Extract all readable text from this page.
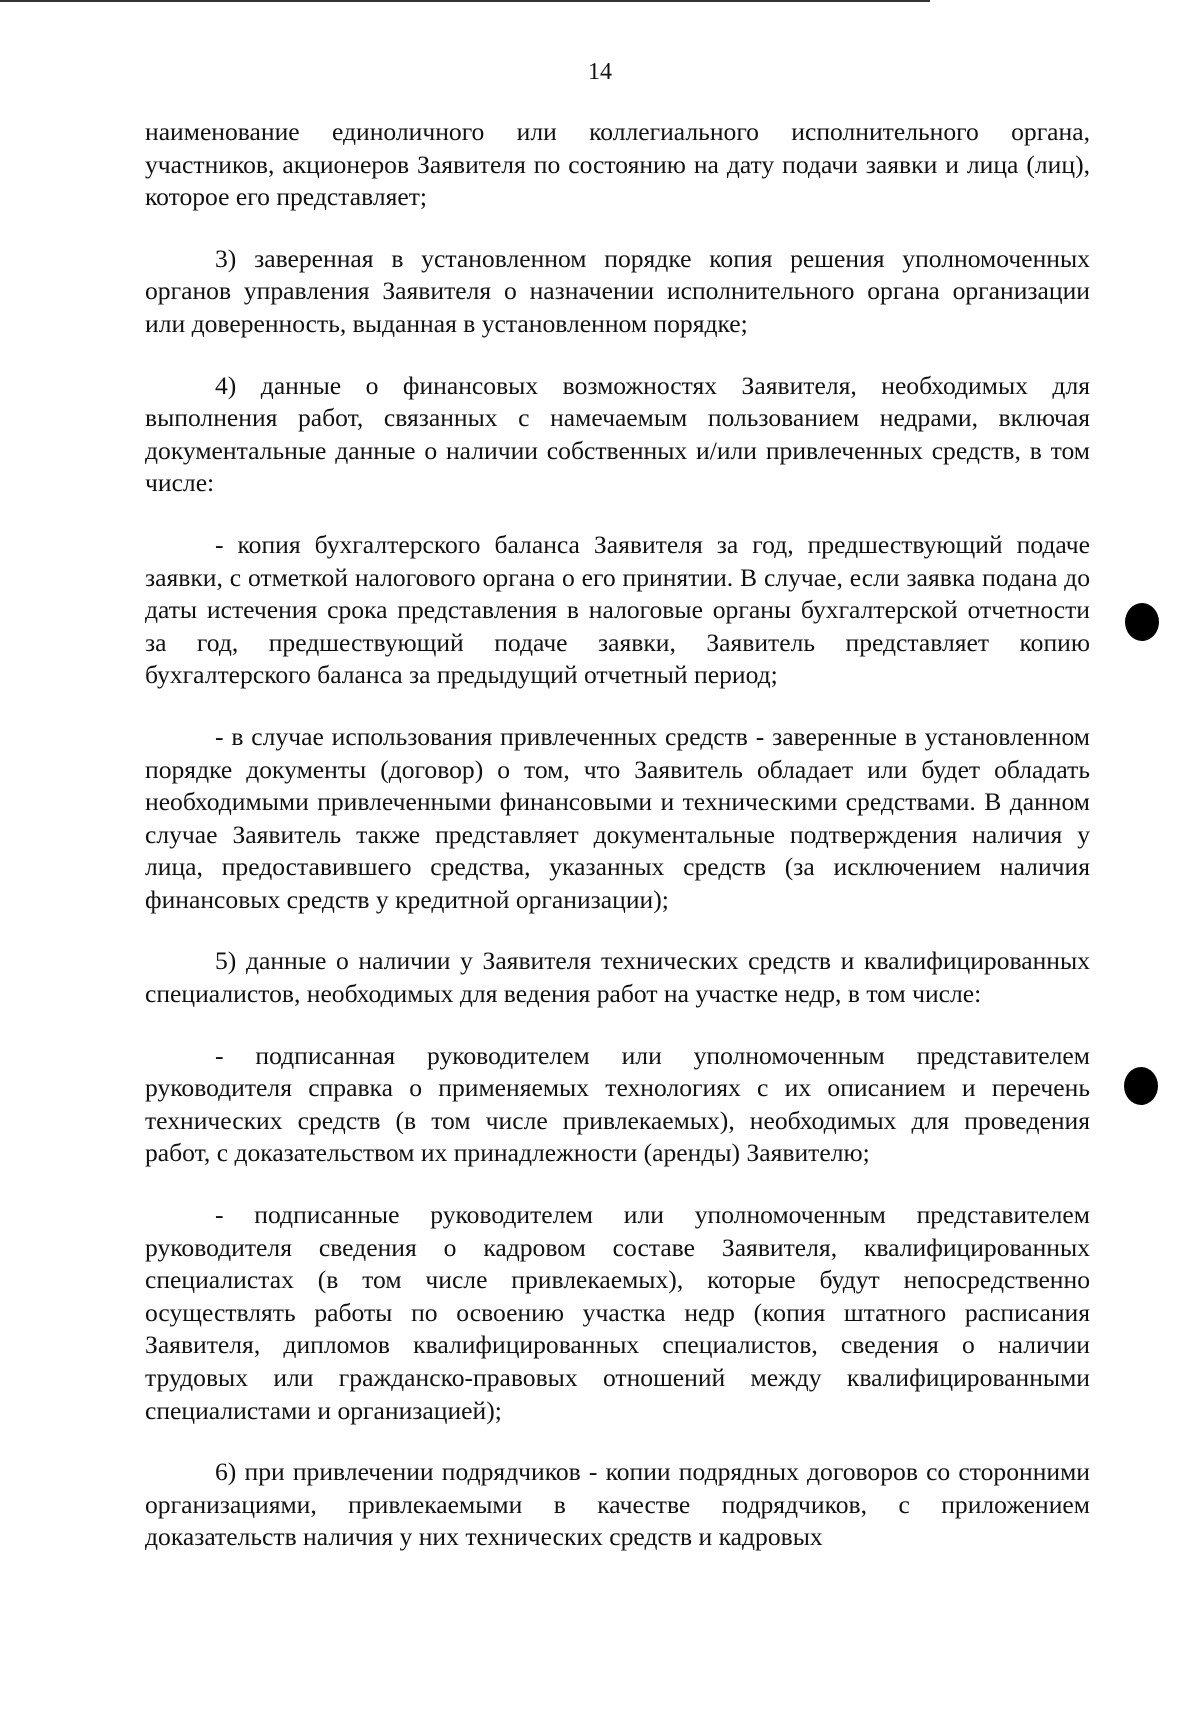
14

наименование единоличного или коллегиального исполнительного органа, участников, акционеров Заявителя по состоянию на дату подачи заявки и лица (лиц), которое его представляет;

3) заверенная в установленном порядке копия решения уполномоченных органов управления Заявителя о назначении исполнительного органа организации или доверенность, выданная в установленном порядке;

4) данные о финансовых возможностях Заявителя, необходимых для выполнения работ, связанных с намечаемым пользованием недрами, включая документальные данные о наличии собственных и/или привлеченных средств, в том числе:

- копия бухгалтерского баланса Заявителя за год, предшествующий подаче заявки, с отметкой налогового органа о его принятии. В случае, если заявка подана до даты истечения срока представления в налоговые органы бухгалтерской отчетности за год, предшествующий подаче заявки, Заявитель представляет копию бухгалтерского баланса за предыдущий отчетный период;

- в случае использования привлеченных средств - заверенные в установленном порядке документы (договор) о том, что Заявитель обладает или будет обладать необходимыми привлеченными финансовыми и техническими средствами. В данном случае Заявитель также представляет документальные подтверждения наличия у лица, предоставившего средства, указанных средств (за исключением наличия финансовых средств у кредитной организации);

5) данные о наличии у Заявителя технических средств и квалифицированных специалистов, необходимых для ведения работ на участке недр, в том числе:

- подписанная руководителем или уполномоченным представителем руководителя справка о применяемых технологиях с их описанием и перечень технических средств (в том числе привлекаемых), необходимых для проведения работ, с доказательством их принадлежности (аренды) Заявителю;

- подписанные руководителем или уполномоченным представителем руководителя сведения о кадровом составе Заявителя, квалифицированных специалистах (в том числе привлекаемых), которые будут непосредственно осуществлять работы по освоению участка недр (копия штатного расписания Заявителя, дипломов квалифицированных специалистов, сведения о наличии трудовых или гражданско-правовых отношений между квалифицированными специалистами и организацией);

6) при привлечении подрядчиков - копии подрядных договоров со сторонними организациями, привлекаемыми в качестве подрядчиков, с приложением доказательств наличия у них технических средств и кадровых
